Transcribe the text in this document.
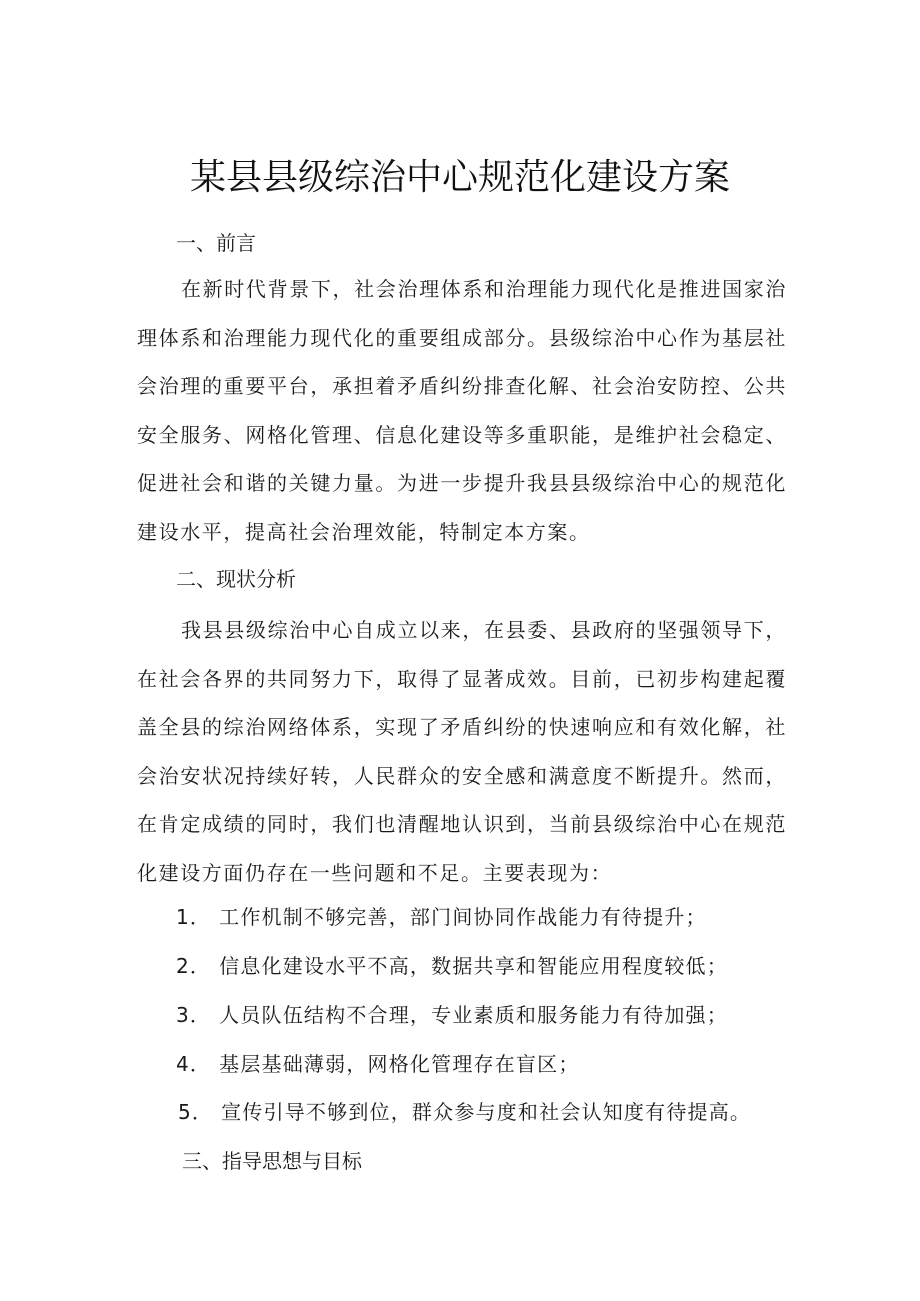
某县县级综治中心规范化建设方案
一、前言
在新时代背景下，社会治理体系和治理能力现代化是推进国家治理体系和治理能力现代化的重要组成部分。县级综治中心作为基层社会治理的重要平台，承担着矛盾纠纷排查化解、社会治安防控、公共安全服务、网格化管理、信息化建设等多重职能，是维护社会稳定、促进社会和谐的关键力量。为进一步提升我县县级综治中心的规范化建设水平，提高社会治理效能，特制定本方案。
二、现状分析
我县县级综治中心自成立以来，在县委、县政府的坚强领导下，在社会各界的共同努力下，取得了显著成效。目前，已初步构建起覆盖全县的综治网络体系，实现了矛盾纠纷的快速响应和有效化解，社会治安状况持续好转，人民群众的安全感和满意度不断提升。然而，在肯定成绩的同时，我们也清醒地认识到，当前县级综治中心在规范化建设方面仍存在一些问题和不足。主要表现为：
1． 工作机制不够完善，部门间协同作战能力有待提升；
2． 信息化建设水平不高，数据共享和智能应用程度较低；
3． 人员队伍结构不合理，专业素质和服务能力有待加强；
4． 基层基础薄弱，网格化管理存在盲区；
5． 宣传引导不够到位，群众参与度和社会认知度有待提高。
三、指导思想与目标
